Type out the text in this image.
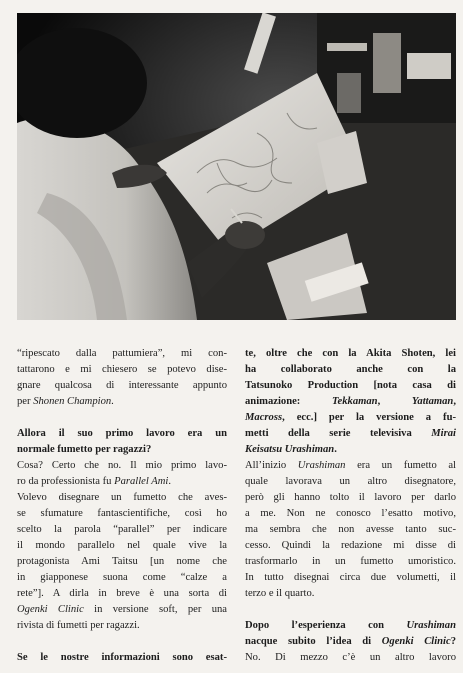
“ripescato dalla pattumiera”, mi con-
tattarono e mi chiesero se potevo dise-
gnare qualcosa di interessante appunto
per Shonen Champion.

Allora il suo primo lavoro era un
normale fumetto per ragazzi?

Cosa? Certo che no. Il mio primo lavo-
ro da professionista fu Parallel Ami.
Volevo disegnare un fumetto che aves-
se sfumature fantascientifiche, così ho
scelto la parola “parallel” per indicare
il mondo parallelo nel quale vive la
protagonista Ami Taitsu [un nome che
in giapponese suona come “calze a
rete”]. A dirla in breve è una sorta di
Ogenki Clinic in versione soft, per una
rivista di fumetti per ragazzi.

Se le nostre informazioni sono esat-

te, oltre che con la Akita Shoten, lei
ha collaborato anche con la
Tatsunoko Production [nota casa di
animazione: Tekkaman, Yattaman,
Macross, ecc.] per la versione a fu-
metti della serie televisiva Mirai
Keisatsu Urashiman.

All’inizio Urashiman era un fumetto al
quale lavorava un altro disegnatore,
però gli hanno tolto il lavoro per darlo
a me. Non ne conosco l’esatto motivo,
ma sembra che non avesse tanto suc-
cesso. Quindi la redazione mi disse di
trasformarlo in un fumetto umoristico.
In tutto disegnai circa due volumetti, il
terzo e il quarto.

Dopo l’esperienza con Urashiman
nacque subito l’idea di Ogenki Clinic?

No. Di mezzo c’è un altro lavoro
